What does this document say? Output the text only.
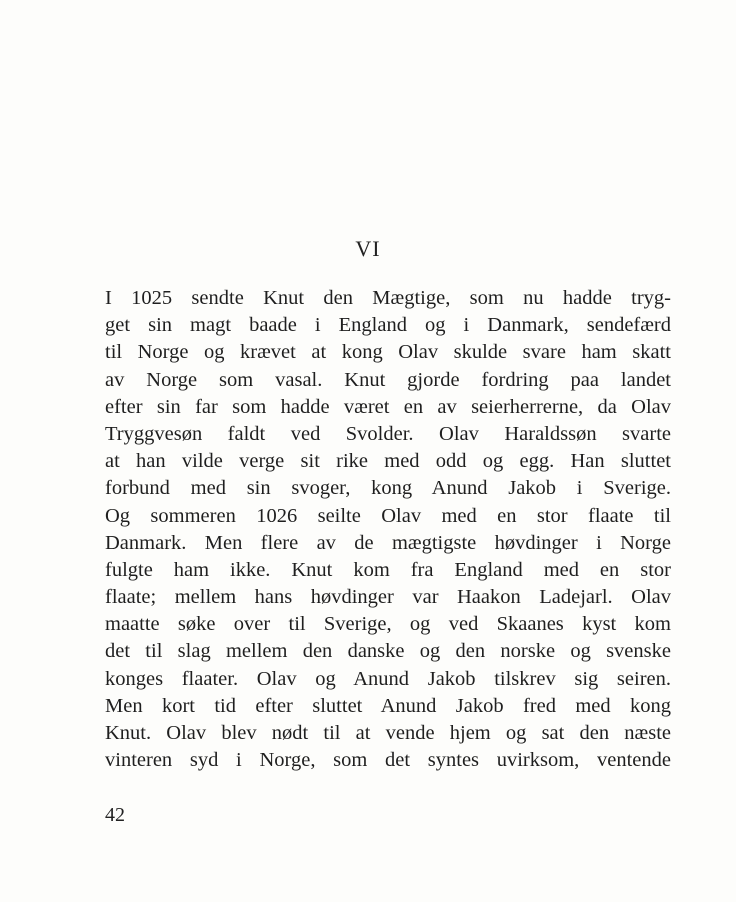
VI
I 1025 sendte Knut den Mægtige, som nu hadde tryg-
get sin magt baade i England og i Danmark, sendefærd
til Norge og krævet at kong Olav skulde svare ham skatt
av Norge som vasal. Knut gjorde fordring paa landet
efter sin far som hadde været en av seierherrerne, da Olav
Tryggvesøn faldt ved Svolder. Olav Haraldssøn svarte
at han vilde verge sit rike med odd og egg. Han sluttet
forbund med sin svoger, kong Anund Jakob i Sverige.
Og sommeren 1026 seilte Olav med en stor flaate til
Danmark. Men flere av de mægtigste høvdinger i Norge
fulgte ham ikke. Knut kom fra England med en stor
flaate; mellem hans høvdinger var Haakon Ladejarl. Olav
maatte søke over til Sverige, og ved Skaanes kyst kom
det til slag mellem den danske og den norske og svenske
konges flaater. Olav og Anund Jakob tilskrev sig seiren.
Men kort tid efter sluttet Anund Jakob fred med kong
Knut. Olav blev nødt til at vende hjem og sat den næste
vinteren syd i Norge, som det syntes uvirksom, ventende
42
